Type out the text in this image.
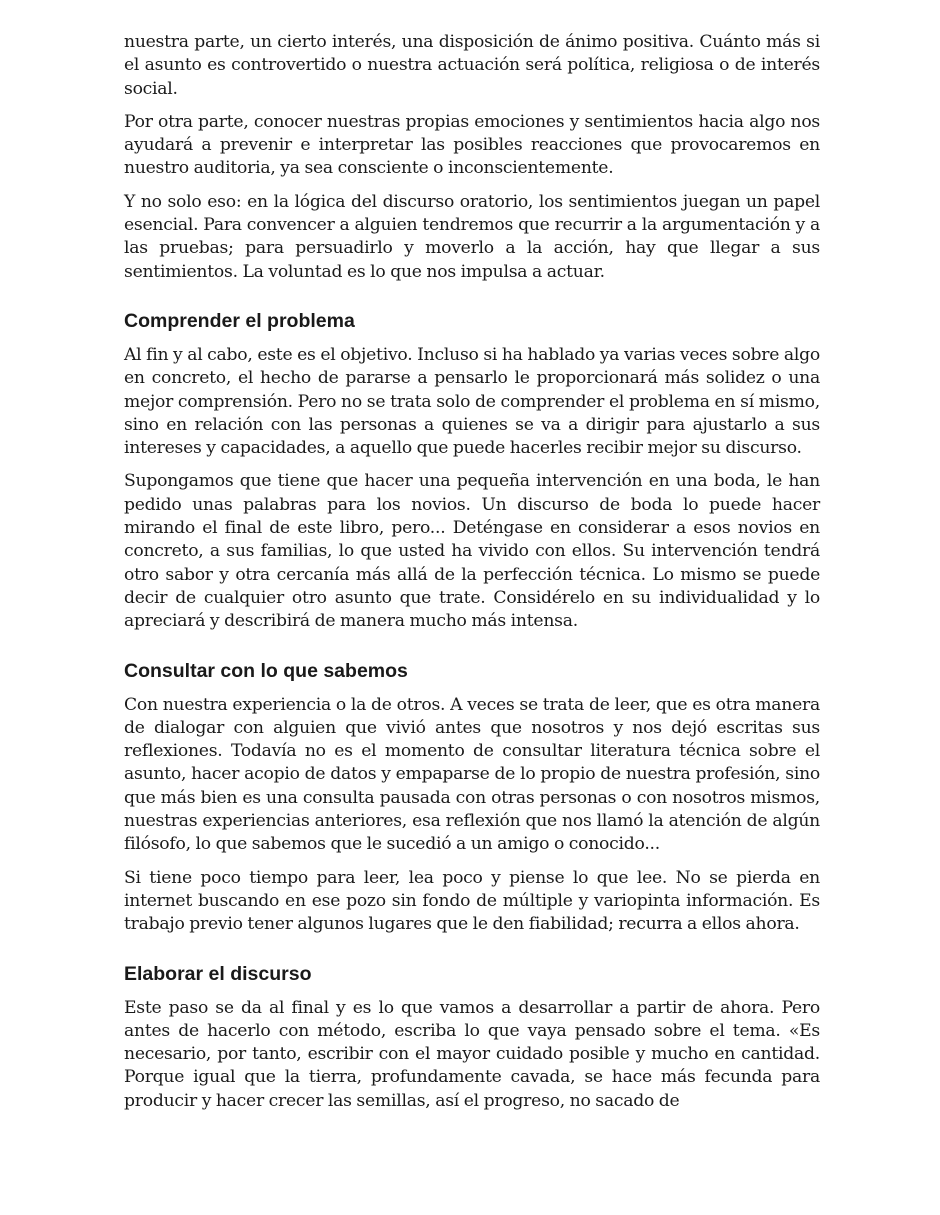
nuestra parte, un cierto interés, una disposición de ánimo positiva. Cuánto más si el asunto es controvertido o nuestra actuación será política, religiosa o de interés social.

Por otra parte, conocer nuestras propias emociones y sentimientos hacia algo nos ayudará a prevenir e interpretar las posibles reacciones que provocaremos en nuestro auditoria, ya sea consciente o inconscientemente.

Y no solo eso: en la lógica del discurso oratorio, los sentimientos juegan un papel esencial. Para convencer a alguien tendremos que recurrir a la argumentación y a las pruebas; para persuadirlo y moverlo a la acción, hay que llegar a sus sentimientos. La voluntad es lo que nos impulsa a actuar.

Comprender el problema

Al fin y al cabo, este es el objetivo. Incluso si ha hablado ya varias veces sobre algo en concreto, el hecho de pararse a pensarlo le proporcionará más solidez o una mejor comprensión. Pero no se trata solo de comprender el problema en sí mismo, sino en relación con las personas a quienes se va a dirigir para ajustarlo a sus intereses y capacidades, a aquello que puede hacerles recibir mejor su discurso.

Supongamos que tiene que hacer una pequeña intervención en una boda, le han pedido unas palabras para los novios. Un discurso de boda lo puede hacer mirando el final de este libro, pero... Deténgase en considerar a esos novios en concreto, a sus familias, lo que usted ha vivido con ellos. Su intervención tendrá otro sabor y otra cercanía más allá de la perfección técnica. Lo mismo se puede decir de cualquier otro asunto que trate. Considérelo en su individualidad y lo apreciará y describirá de manera mucho más intensa.

Consultar con lo que sabemos

Con nuestra experiencia o la de otros. A veces se trata de leer, que es otra manera de dialogar con alguien que vivió antes que nosotros y nos dejó escritas sus reflexiones. Todavía no es el momento de consultar literatura técnica sobre el asunto, hacer acopio de datos y empaparse de lo propio de nuestra profesión, sino que más bien es una consulta pausada con otras personas o con nosotros mismos, nuestras experiencias anteriores, esa reflexión que nos llamó la atención de algún filósofo, lo que sabemos que le sucedió a un amigo o conocido...

Si tiene poco tiempo para leer, lea poco y piense lo que lee. No se pierda en internet buscando en ese pozo sin fondo de múltiple y variopinta información. Es trabajo previo tener algunos lugares que le den fiabilidad; recurra a ellos ahora.

Elaborar el discurso

Este paso se da al final y es lo que vamos a desarrollar a partir de ahora. Pero antes de hacerlo con método, escriba lo que vaya pensado sobre el tema. «Es necesario, por tanto, escribir con el mayor cuidado posible y mucho en cantidad. Porque igual que la tierra, profundamente cavada, se hace más fecunda para producir y hacer crecer las semillas, así el progreso, no sacado de
